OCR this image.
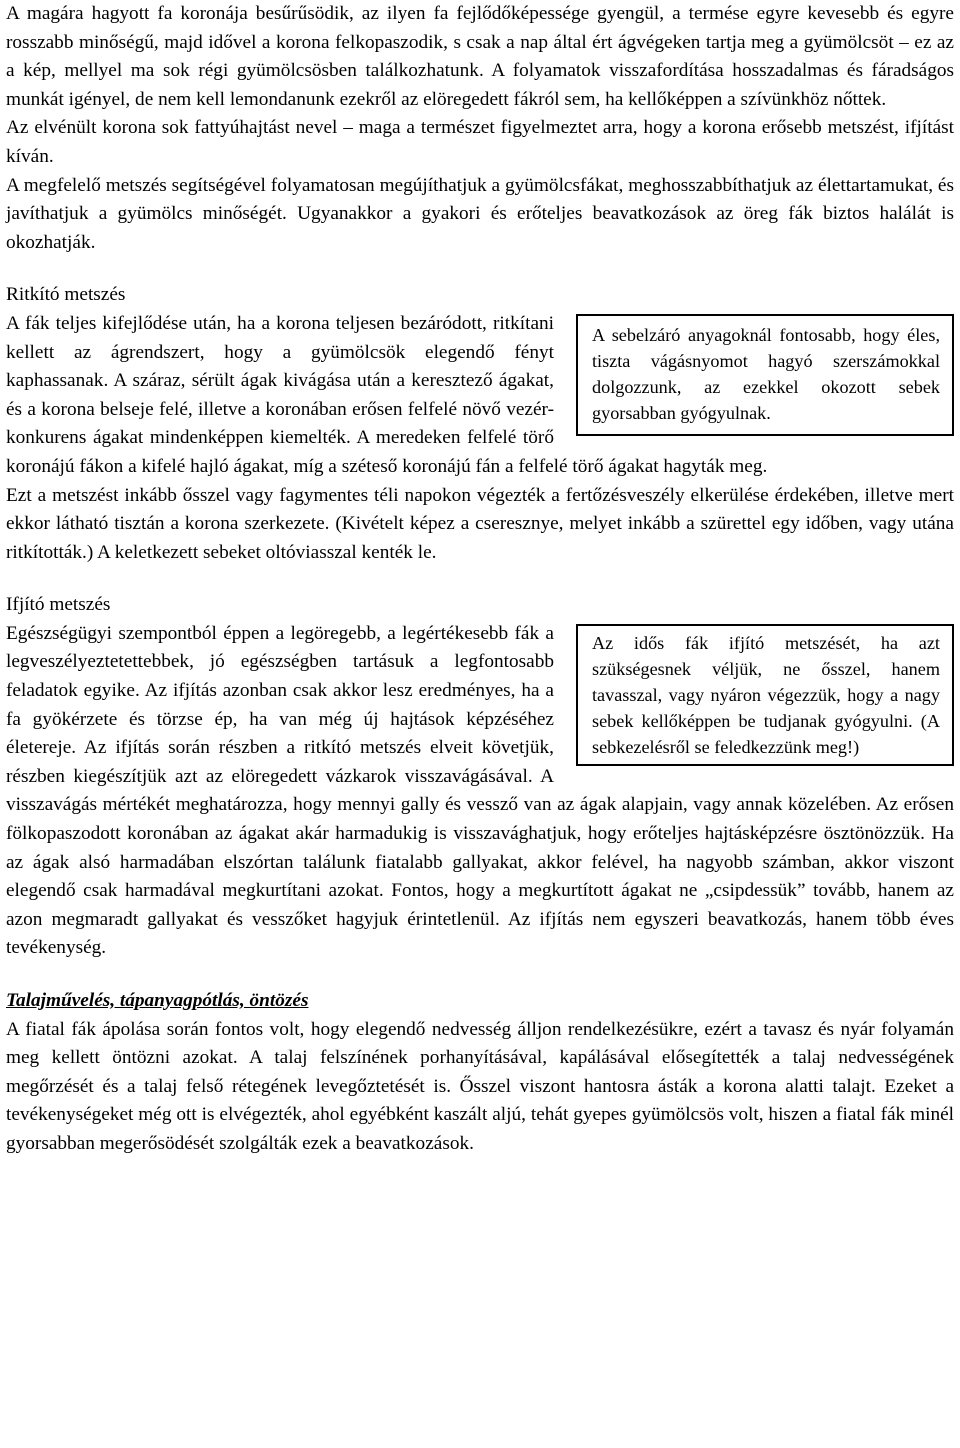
A magára hagyott fa koronája besűrűsödik, az ilyen fa fejlődőképessége gyengül, a termése egyre kevesebb és egyre rosszabb minőségű, majd idővel a korona felkopaszodik, s csak a nap által ért ágvégeken tartja meg a gyümölcsöt – ez az a kép, mellyel ma sok régi gyümölcsösben találkozhatunk. A folyamatok visszafordítása hosszadalmas és fáradságos munkát igényel, de nem kell lemondanunk ezekről az elöregedett fákról sem, ha kellőképpen a szívünkhöz nőttek.

Az elvénült korona sok fattyúhajtást nevel – maga a természet figyelmeztet arra, hogy a korona erősebb metszést, ifjítást kíván.

A megfelelő metszés segítségével folyamatosan megújíthatjuk a gyümölcsfákat, meghosszabbíthatjuk az élettartamukat, és javíthatjuk a gyümölcs minőségét. Ugyanakkor a gyakori és erőteljes beavatkozások az öreg fák biztos halálát is okozhatják.

Ritkító metszés

A sebelzáró anyagoknál fontosabb, hogy éles, tiszta vágásnyomot hagyó szerszámokkal dolgozzunk, az ezekkel okozott sebek gyorsabban gyógyulnak.

A fák teljes kifejlődése után, ha a korona teljesen bezáródott, ritkítani kellett az ágrendszert, hogy a gyümölcsök elegendő fényt kaphassanak. A száraz, sérült ágak kivágása után a keresztező ágakat, és a korona belseje felé, illetve a koronában erősen felfelé növő vezér-konkurens ágakat mindenképpen kiemelték. A meredeken felfelé törő koronájú fákon a kifelé hajló ágakat, míg a széteső koronájú fán a felfelé törő ágakat hagyták meg.

Ezt a metszést inkább ősszel vagy fagymentes téli napokon végezték a fertőzésveszély elkerülése érdekében, illetve mert ekkor látható tisztán a korona szerkezete. (Kivételt képez a cseresznye, melyet inkább a szürettel egy időben, vagy utána ritkították.) A keletkezett sebeket oltóviasszal kenték le.

Ifjító metszés

Az idős fák ifjító metszését, ha azt szükségesnek véljük, ne ősszel, hanem tavasszal, vagy nyáron végezzük, hogy a nagy sebek kellőképpen be tudjanak gyógyulni. (A sebkezelésről se feledkezzünk meg!)

Egészségügyi szempontból éppen a legöregebb, a legértékesebb fák a legveszélyeztetettebbek, jó egészségben tartásuk a legfontosabb feladatok egyike. Az ifjítás azonban csak akkor lesz eredményes, ha a fa gyökérzete és törzse ép, ha van még új hajtások képzéséhez életereje. Az ifjítás során részben a ritkító metszés elveit követjük, részben kiegészítjük azt az elöregedett vázkarok visszavágásával. A visszavágás mértékét meghatározza, hogy mennyi gally és vessző van az ágak alapjain, vagy annak közelében. Az erősen fölkopaszodott koronában az ágakat akár harmadukig is visszavághatjuk, hogy erőteljes hajtásképzésre ösztönözzük. Ha az ágak alsó harmadában elszórtan találunk fiatalabb gallyakat, akkor felével, ha nagyobb számban, akkor viszont elegendő csak harmadával megkurtítani azokat. Fontos, hogy a megkurtított ágakat ne „csipdessük” tovább, hanem az azon megmaradt gallyakat és vesszőket hagyjuk érintetlenül. Az ifjítás nem egyszeri beavatkozás, hanem több éves tevékenység.

Talajművelés, tápanyagpótlás, öntözés

A fiatal fák ápolása során fontos volt, hogy elegendő nedvesség álljon rendelkezésükre, ezért a tavasz és nyár folyamán meg kellett öntözni azokat. A talaj felszínének porhanyításával, kapálásával elősegítették a talaj nedvességének megőrzését és a talaj felső rétegének levegőztetését is. Ősszel viszont hantosra ásták a korona alatti talajt. Ezeket a tevékenységeket még ott is elvégezték, ahol egyébként kaszált aljú, tehát gyepes gyümölcsös volt, hiszen a fiatal fák minél gyorsabban megerősödését szolgálták ezek a beavatkozások.
